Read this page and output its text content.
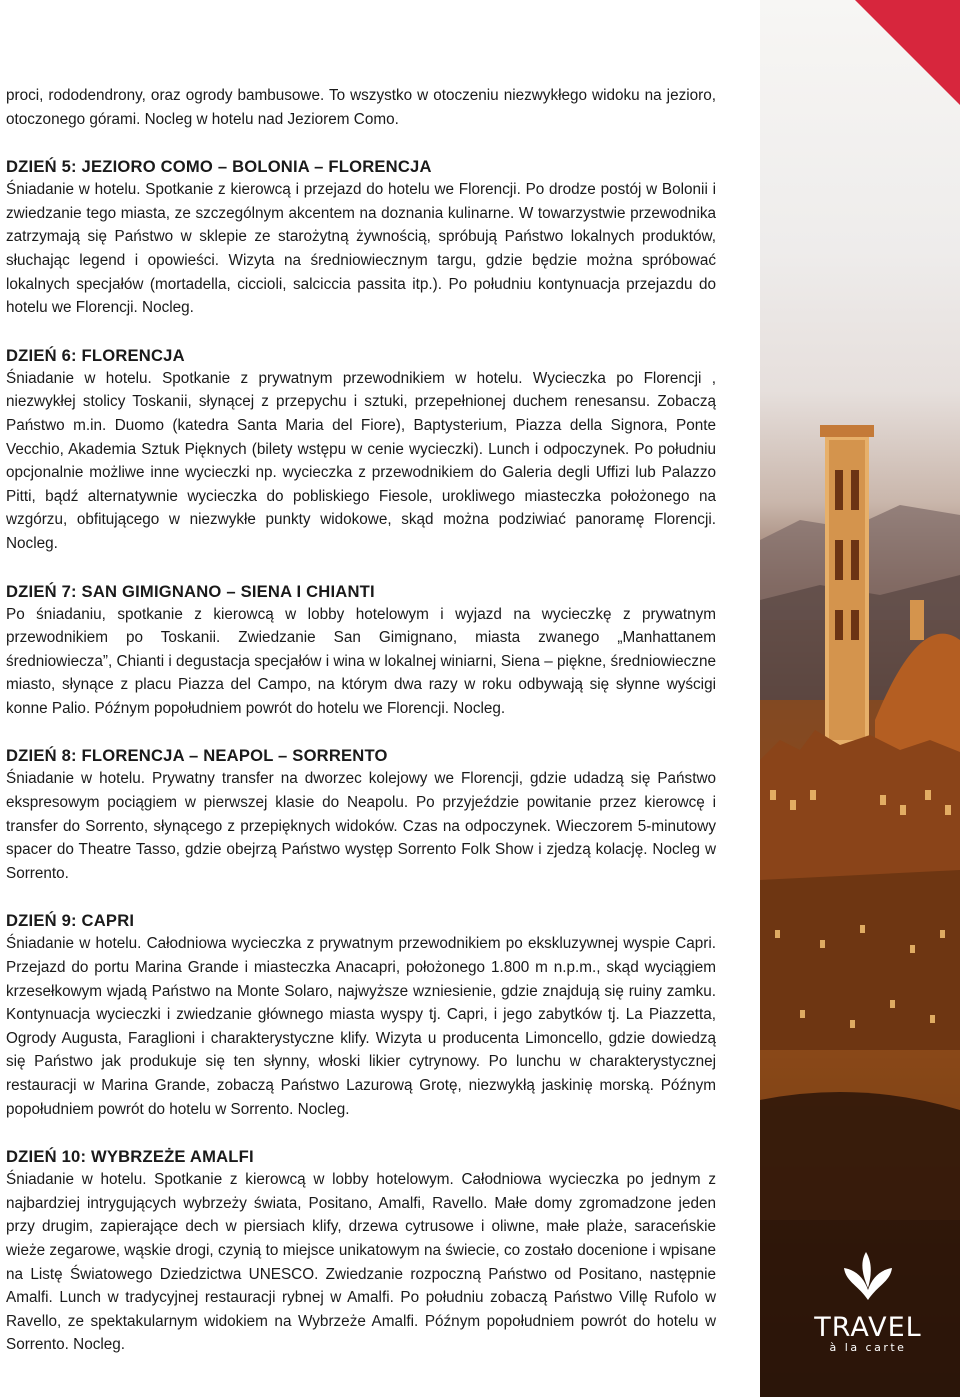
proci, rododendrony, oraz ogrody bambusowe. To wszystko w otoczeniu niezwykłego widoku na jezioro, otoczonego górami. Nocleg w hotelu nad Jeziorem Como.

DZIEŃ 5: JEZIORO COMO – BOLONIA – FLORENCJA

Śniadanie w hotelu. Spotkanie z kierowcą i przejazd do hotelu we Florencji. Po drodze postój w Bolonii i zwiedzanie tego miasta, ze szczególnym akcentem na doznania kulinarne. W towarzystwie przewodnika zatrzymają się Państwo w sklepie ze starożytną żywnością, spróbują Państwo lokalnych produktów, słuchając legend i opowieści. Wizyta na średniowiecznym targu, gdzie będzie można spróbować lokalnych specjałów (mortadella, ciccioli, salciccia passita itp.). Po południu kontynuacja przejazdu do hotelu we Florencji. Nocleg.

DZIEŃ 6: FLORENCJA

Śniadanie w hotelu. Spotkanie z prywatnym przewodnikiem w hotelu. Wycieczka po Florencji , niezwykłej stolicy Toskanii, słynącej z przepychu i sztuki, przepełnionej duchem renesansu. Zobaczą Państwo m.in. Duomo (katedra Santa Maria del Fiore), Baptysterium, Piazza della Signora, Ponte Vecchio, Akademia Sztuk Pięknych (bilety wstępu w cenie wycieczki). Lunch i odpoczynek. Po południu opcjonalnie możliwe inne wycieczki np. wycieczka z przewodnikiem do Galeria degli Uffizi lub Palazzo Pitti, bądź alternatywnie wycieczka do pobliskiego Fiesole, urokliwego miasteczka położonego na wzgórzu, obfitującego w niezwykłe punkty widokowe, skąd można podziwiać panoramę Florencji. Nocleg.

DZIEŃ 7: SAN GIMIGNANO – SIENA I CHIANTI

Po śniadaniu, spotkanie z kierowcą w lobby hotelowym i wyjazd na wycieczkę z prywatnym przewodnikiem po Toskanii. Zwiedzanie San Gimignano, miasta zwanego „Manhattanem średniowiecza”, Chianti i degustacja specjałów i wina w lokalnej winiarni, Siena – piękne, średniowieczne miasto, słynące z placu Piazza del Campo, na którym dwa razy w roku odbywają się słynne wyścigi konne Palio. Późnym popołudniem powrót do hotelu we Florencji. Nocleg.

DZIEŃ 8: FLORENCJA – NEAPOL – SORRENTO

Śniadanie w hotelu. Prywatny transfer na dworzec kolejowy we Florencji, gdzie udadzą się Państwo ekspresowym pociągiem w pierwszej klasie do Neapolu. Po przyjeździe powitanie przez kierowcę i transfer do Sorrento, słynącego z przepięknych widoków. Czas na odpoczynek. Wieczorem 5-minutowy spacer do Theatre Tasso, gdzie obejrzą Państwo występ Sorrento Folk Show i zjedzą kolację. Nocleg w Sorrento.

DZIEŃ 9: CAPRI

Śniadanie w hotelu. Całodniowa wycieczka z prywatnym przewodnikiem po ekskluzywnej wyspie Capri. Przejazd do portu Marina Grande i miasteczka Anacapri, położonego 1.800 m n.p.m., skąd wyciągiem krzesełkowym wjadą Państwo na Monte Solaro, najwyższe wzniesienie, gdzie znajdują się ruiny zamku. Kontynuacja wycieczki i zwiedzanie głównego miasta wyspy tj. Capri, i jego zabytków tj. La Piazzetta, Ogrody Augusta, Faraglioni i charakterystyczne klify. Wizyta u producenta Limoncello, gdzie dowiedzą się Państwo jak produkuje się ten słynny, włoski likier cytrynowy. Po lunchu w charakterystycznej restauracji w Marina Grande, zobaczą Państwo Lazurową Grotę, niezwykłą jaskinię morską. Późnym popołudniem powrót do hotelu w Sorrento. Nocleg.

DZIEŃ 10: WYBRZEŻE AMALFI

Śniadanie w hotelu. Spotkanie z kierowcą w lobby hotelowym. Całodniowa wycieczka po jednym z najbardziej intrygujących wybrzeży świata, Positano, Amalfi, Ravello. Małe domy zgromadzone jeden przy drugim, zapierające dech w piersiach klify, drzewa cytrusowe i oliwne, małe plaże, saraceńskie wieże zegarowe, wąskie drogi, czynią to miejsce unikatowym na świecie, co zostało docenione i wpisane na Listę Światowego Dziedzictwa UNESCO. Zwiedzanie rozpoczną Państwo od Positano, następnie Amalfi. Lunch w tradycyjnej restauracji rybnej w Amalfi. Po południu zobaczą Państwo Villę Rufolo w Ravello, ze spektakularnym widokiem na Wybrzeże Amalfi. Późnym popołudniem powrót do hotelu w Sorrento. Nocleg.

TRAVEL
à la carte
